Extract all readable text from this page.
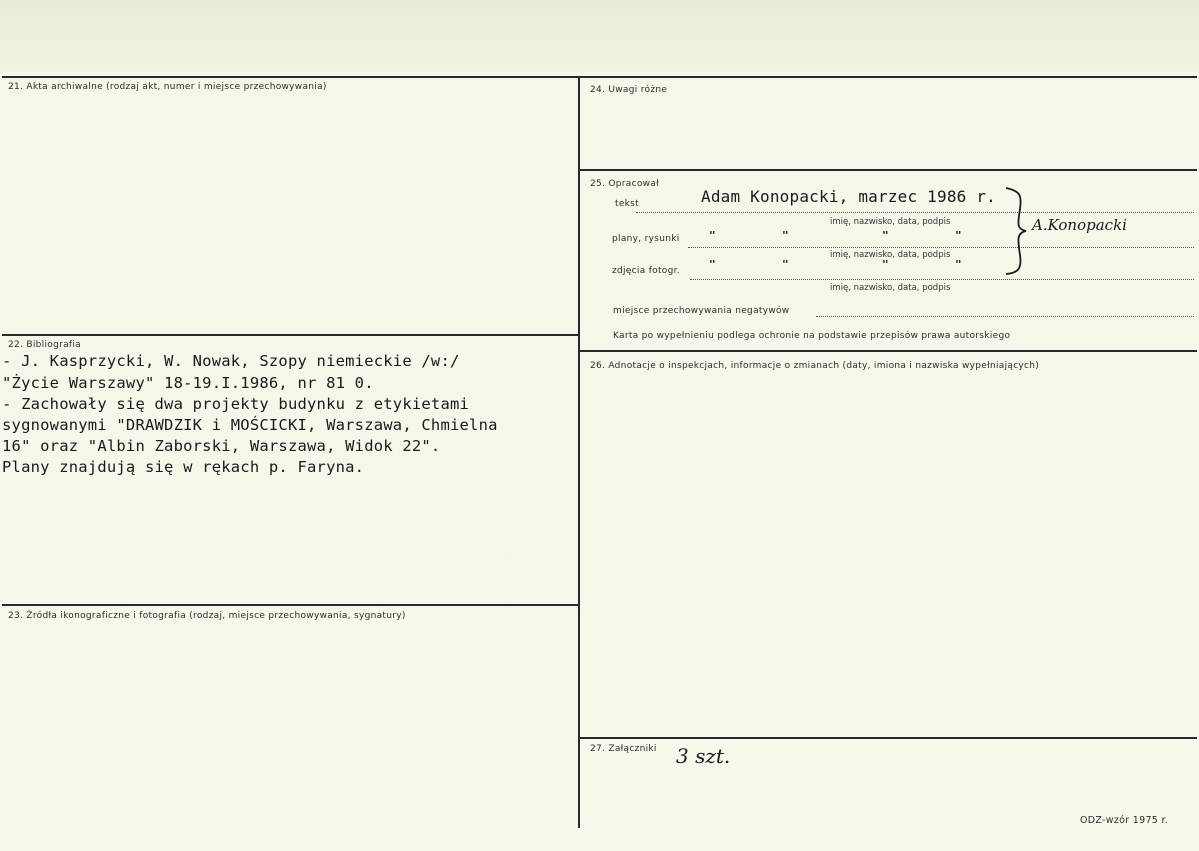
21. Akta archiwalne (rodzaj akt, numer i miejsce przechowywania)
22. Bibliografia
- J. Kasprzycki, W. Nowak, Szopy niemieckie /w:/
"Życie Warszawy" 18-19.I.1986, nr 81 0.
- Zachowały się dwa projekty budynku z etykietami
sygnowanymi "DRAWDZIK i MOŚCICKI, Warszawa, Chmielna
16" oraz "Albin Zaborski, Warszawa, Widok 22".
Plany znajdują się w rękach p. Faryna.
23. Źródła ikonograficzne i fotografia (rodzaj, miejsce przechowywania, sygnatury)
24. Uwagi różne
25. Opracował
tekst	Adam Konopacki, marzec 1986 r.
imię, nazwisko, data, podpis
plany, rysunki	"	"	"	"
imię, nazwisko, data, podpis
zdjęcia fotogr.	"	"	"	"
imię, nazwisko, data, podpis
A.Konopacki
miejsce przechowywania negatywów
Karta po wypełnieniu podlega ochronie na podstawie przepisów prawa autorskiego
26. Adnotacje o inspekcjach, informacje o zmianach (daty, imiona i nazwiska wypełniających)
27. Załączniki 3 szt.
ODZ-wzór 1975 r.
